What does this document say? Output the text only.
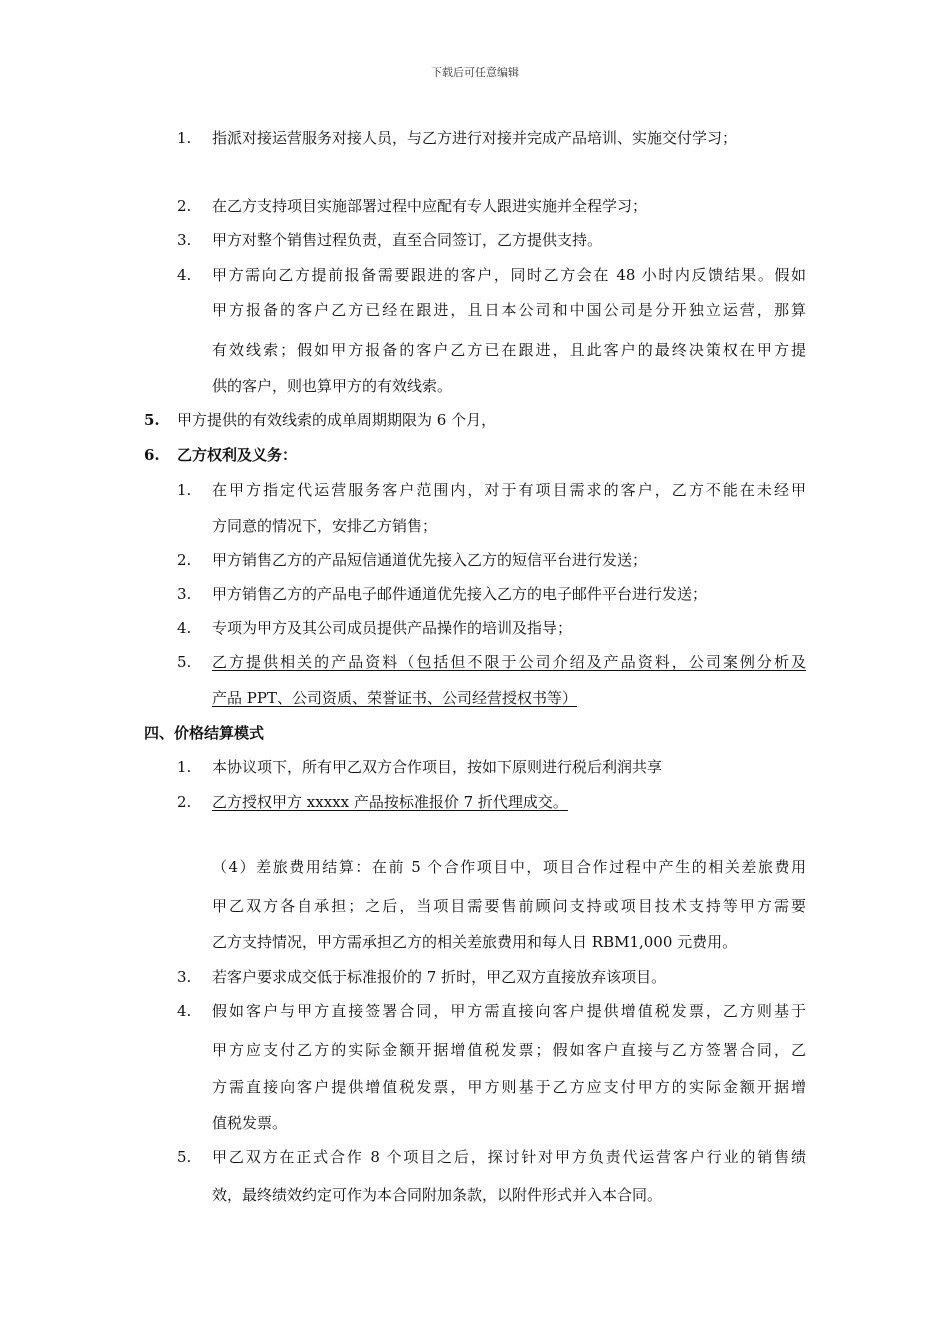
下载后可任意编辑
1. 指派对接运营服务对接人员，与乙方进行对接并完成产品培训、实施交付学习；
2. 在乙方支持项目实施部署过程中应配有专人跟进实施并全程学习；
3. 甲方对整个销售过程负责，直至合同签订，乙方提供支持。
4. 甲方需向乙方提前报备需要跟进的客户，同时乙方会在 48 小时内反馈结果。假如
甲方报备的客户乙方已经在跟进，且日本公司和中国公司是分开独立运营，那算
有效线索；假如甲方报备的客户乙方已在跟进，且此客户的最终决策权在甲方提
供的客户，则也算甲方的有效线索。
5. 甲方提供的有效线索的成单周期期限为 6 个月，
6. 乙方权利及义务：
1. 在甲方指定代运营服务客户范围内，对于有项目需求的客户，乙方不能在未经甲
方同意的情况下，安排乙方销售；
2. 甲方销售乙方的产品短信通道优先接入乙方的短信平台进行发送；
3. 甲方销售乙方的产品电子邮件通道优先接入乙方的电子邮件平台进行发送；
4. 专项为甲方及其公司成员提供产品操作的培训及指导；
5. 乙方提供相关的产品资料（包括但不限于公司介绍及产品资料，公司案例分析及
产品 PPT、公司资质、荣誉证书、公司经营授权书等）
四、价格结算模式
1. 本协议项下，所有甲乙双方合作项目，按如下原则进行税后利润共享
2. 乙方授权甲方 xxxxx 产品按标准报价 7 折代理成交。
（4）差旅费用结算：在前 5 个合作项目中，项目合作过程中产生的相关差旅费用
甲乙双方各自承担；之后，当项目需要售前顾问支持或项目技术支持等甲方需要
乙方支持情况，甲方需承担乙方的相关差旅费用和每人日 RBM1,000 元费用。
3. 若客户要求成交低于标准报价的 7 折时，甲乙双方直接放弃该项目。
4. 假如客户与甲方直接签署合同，甲方需直接向客户提供增值税发票，乙方则基于
甲方应支付乙方的实际金额开据增值税发票；假如客户直接与乙方签署合同，乙
方需直接向客户提供增值税发票，甲方则基于乙方应支付甲方的实际金额开据增
值税发票。
5. 甲乙双方在正式合作 8 个项目之后，探讨针对甲方负责代运营客户行业的销售绩
效，最终绩效约定可作为本合同附加条款，以附件形式并入本合同。
